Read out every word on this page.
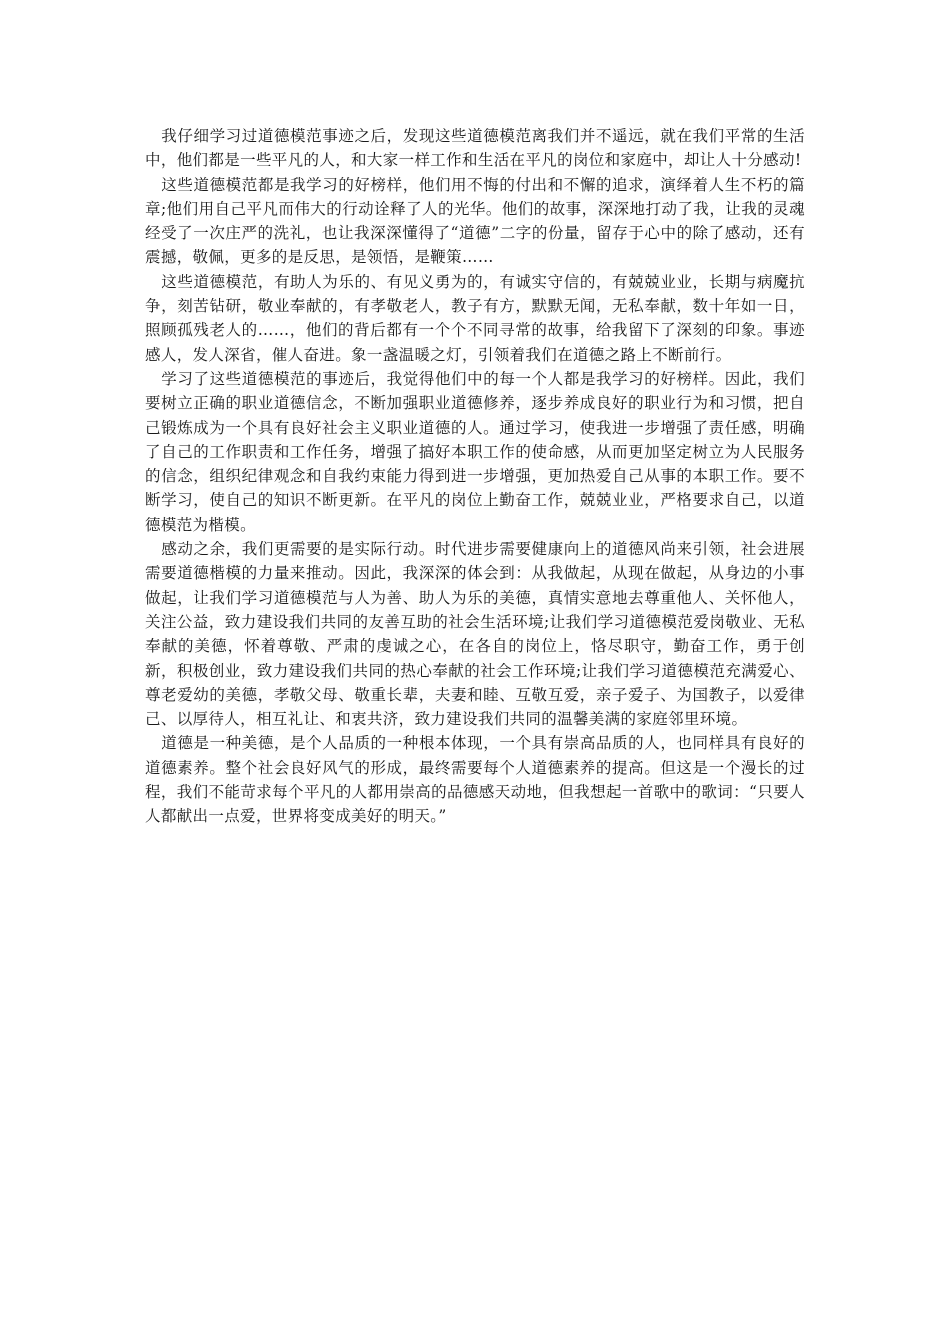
我仔细学习过道德模范事迹之后，发现这些道德模范离我们并不遥远，就在我们平常的生活中，他们都是一些平凡的人，和大家一样工作和生活在平凡的岗位和家庭中，却让人十分感动!

这些道德模范都是我学习的好榜样，他们用不悔的付出和不懈的追求，演绎着人生不朽的篇章;他们用自己平凡而伟大的行动诠释了人的光华。他们的故事，深深地打动了我，让我的灵魂经受了一次庄严的洗礼，也让我深深懂得了“道德”二字的份量，留存于心中的除了感动，还有震撼，敬佩，更多的是反思，是领悟，是鞭策……

这些道德模范，有助人为乐的、有见义勇为的，有诚实守信的，有兢兢业业，长期与病魔抗争，刻苦钻研，敬业奉献的，有孝敬老人，教子有方，默默无闻，无私奉献，数十年如一日，照顾孤残老人的……，他们的背后都有一个个不同寻常的故事，给我留下了深刻的印象。事迹感人，发人深省，催人奋进。象一盏温暖之灯，引领着我们在道德之路上不断前行。

学习了这些道德模范的事迹后，我觉得他们中的每一个人都是我学习的好榜样。因此，我们要树立正确的职业道德信念，不断加强职业道德修养，逐步养成良好的职业行为和习惯，把自己锻炼成为一个具有良好社会主义职业道德的人。通过学习，使我进一步增强了责任感，明确了自己的工作职责和工作任务，增强了搞好本职工作的使命感，从而更加坚定树立为人民服务的信念，组织纪律观念和自我约束能力得到进一步增强，更加热爱自己从事的本职工作。要不断学习，使自己的知识不断更新。在平凡的岗位上勤奋工作，兢兢业业，严格要求自己，以道德模范为楷模。

感动之余，我们更需要的是实际行动。时代进步需要健康向上的道德风尚来引领，社会进展需要道德楷模的力量来推动。因此，我深深的体会到：从我做起，从现在做起，从身边的小事做起，让我们学习道德模范与人为善、助人为乐的美德，真情实意地去尊重他人、关怀他人，关注公益，致力建设我们共同的友善互助的社会生活环境;让我们学习道德模范爱岗敬业、无私奉献的美德，怀着尊敬、严肃的虔诚之心，在各自的岗位上，恪尽职守，勤奋工作，勇于创新，积极创业，致力建设我们共同的热心奉献的社会工作环境;让我们学习道德模范充满爱心、尊老爱幼的美德，孝敬父母、敬重长辈，夫妻和睦、互敬互爱，亲子爱子、为国教子，以爱律己、以厚待人，相互礼让、和衷共济，致力建设我们共同的温馨美满的家庭邻里环境。

道德是一种美德，是个人品质的一种根本体现，一个具有崇高品质的人，也同样具有良好的道德素养。整个社会良好风气的形成，最终需要每个人道德素养的提高。但这是一个漫长的过程，我们不能苛求每个平凡的人都用崇高的品德感天动地，但我想起一首歌中的歌词：“只要人人都献出一点爱，世界将变成美好的明天。”
